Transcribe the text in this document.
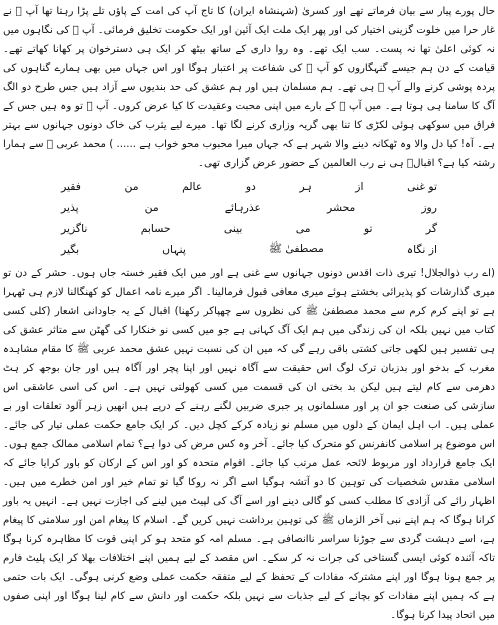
حال پورے پیار سے بیان فرماتے تھے اور کسریٰ (شہنشاہ ایران) کا تاج آپ کی امت کے پاؤں تلے پڑا رہتا تھا آپ ﷺ نے غار حرا میں خلوت گزینی اختیار کی اور پھر ایک ملت ایک آئین اور ایک حکومت تخلیق فرمائی۔ آپ ﷺ کی نگاہوں میں نہ کوئی اعلیٰ تھا نہ پست۔ سب ایک تھے۔ وہ روا داری کے ساتھ بیٹھ کر ایک ہی دسترخوان پر کھانا کھاتے تھے۔ قیامت کے دن ہم جیسے گنہگاروں کو آپ ﷺ کی شفاعت پر اعتبار ہوگا اور اس جہاں میں بھی ہمارے گناہوں کی پردہ پوشی کرنے والے آپ ﷺ ہی تھے۔ ہم مسلمان ہیں اور ہم عشق کی حد بندیوں سے آزاد ہیں جس طرح دو الگ آگ کا سامنا ہی ہوتا ہے۔ میں آپ ﷺ کے بارے میں اپنی محبت وعقیدت کا کیا عرض کروں۔ آپ ﷺ تو وہ ہیں جس کے فراق میں سوکھی ہوئی لکڑی کا تنا بھی گریہ وزاری کرنے لگا تھا۔ میرے لیے یثرب کی خاک دونوں جہانوں سے بہتر ہے۔ آہ! کیا دل والا وہ ٹھکانہ دینے والا شہر ہے کہ جہاں میرا محبوب محو خواب ہے ...... ) محمد عربی ﷺ سے ہمارا رشتہ کیا ہے؟ اقبالؒ ہی نے رب العالمین کے حضور عرض گزاری تھی۔

تو غنی
از
ہر
دو
عالم
من
فقیر
روز
محشر
عذرہائے
من
پذیر
گر
تو
می
بینی
حسابم
ناگزیر
از نگاہ
مصطفیٰ ﷺ
پنہاں
بگیر

(اے رب ذوالجلال! تیری ذات اقدس دونوں جہانوں سے غنی ہے اور میں ایک فقیر خستہ جاں ہوں۔ حشر کے دن تو میری گذارشات کو پذیرائی بخشتے ہوئے میری معافی قبول فرمالینا۔ اگر میرے نامہ اعمال کو کھنگالنا لازم ہی ٹھہرا ہے تو اپنے کرم کرم سے محمد مصطفیٰ ﷺ کی نظروں سے چھپاکر رکھنا) اقبال کے یہ جاودانی اشعار (کلی کسی کتاب میں نہیں بلکہ ان کی زندگی میں ہم ایک آگ کہانی ہے جو میں کسی نو خنکارا کی گھٹن سے متاثر عشق کی ہی تفسیر ہیں لکھی جاتی کشتی باقی رہے گی کہ میں ان کی نسبت نہیں عشق محمد عربی ﷺ کا مقام مشاہدہ مغرب کے بدخو اور بدزبان ترک لوگ اس حقیقت سے آگاہ نہیں اور اپنا پچر اور آگاہ ہیں اور جان بوجھ کر ہٹ دھرمی سے کام لیتے ہیں لیکن بد بختی ان کی قسمت میں کسی کھولتی نہیں ہے۔ اس کی اسی عاشقی اس سازشی کی صنعت جو ان پر اور مسلمانوں پر جبری ضربیں لگنے رہنے کے درپے ہیں انھیں زہر آلود تعلقات اور بے عملی ہیں۔ اب اہل ایمان کے دلوں میں مسلم نو زیادہ کرکے کچل دیں۔ کر ایک جامع حکمت عملی تیار کی جائے۔ اس موضوع پر اسلامی کانفرنس کو متحرک کیا جائے۔ آخر وہ کس مرض کی دوا ہے؟ تمام اسلامی ممالک جمع ہوں۔ ایک جامع قرارداد اور مربوط لائحہ عمل مرتب کیا جائے۔ اقوام متحدہ کو اور اس کے ارکان کو باور کرایا جائے کہ اسلامی مقدس شخصیات کی توہین کا دو آتشہ ہوگیا اسے اگر نہ روکا گیا تو تمام خیر اور امن خطرے میں ہیں۔ اظہار رائے کی آزادی کا مطلب کسی کو گالی دینے اور اسے آگ کی لپیٹ میں لینے کی اجازت نہیں ہے۔ انہیں یہ باور کرانا ہوگا کہ ہم اپنے نبی آخر الزماں ﷺ کی توہین برداشت نہیں کریں گے۔ اسلام کا پیغام امن اور سلامتی کا پیغام ہے، اسے دہشت گردی سے جوڑنا سراسر ناانصافی ہے۔ مسلم امہ کو متحد ہو کر اپنی قوت کا مظاہرہ کرنا ہوگا تاکہ آئندہ کوئی ایسی گستاخی کی جرات نہ کر سکے۔ اس مقصد کے لیے ہمیں اپنے اختلافات بھلا کر ایک پلیٹ فارم پر جمع ہونا ہوگا اور اپنے مشترکہ مفادات کے تحفظ کے لیے متفقہ حکمت عملی وضع کرنی ہوگی۔ ایک بات حتمی ہے کہ ہمیں اپنے مفادات کو بچانے کے لیے جذبات سے نہیں بلکہ حکمت اور دانش سے کام لینا ہوگا اور اپنی صفوں میں اتحاد پیدا کرنا ہوگا۔
